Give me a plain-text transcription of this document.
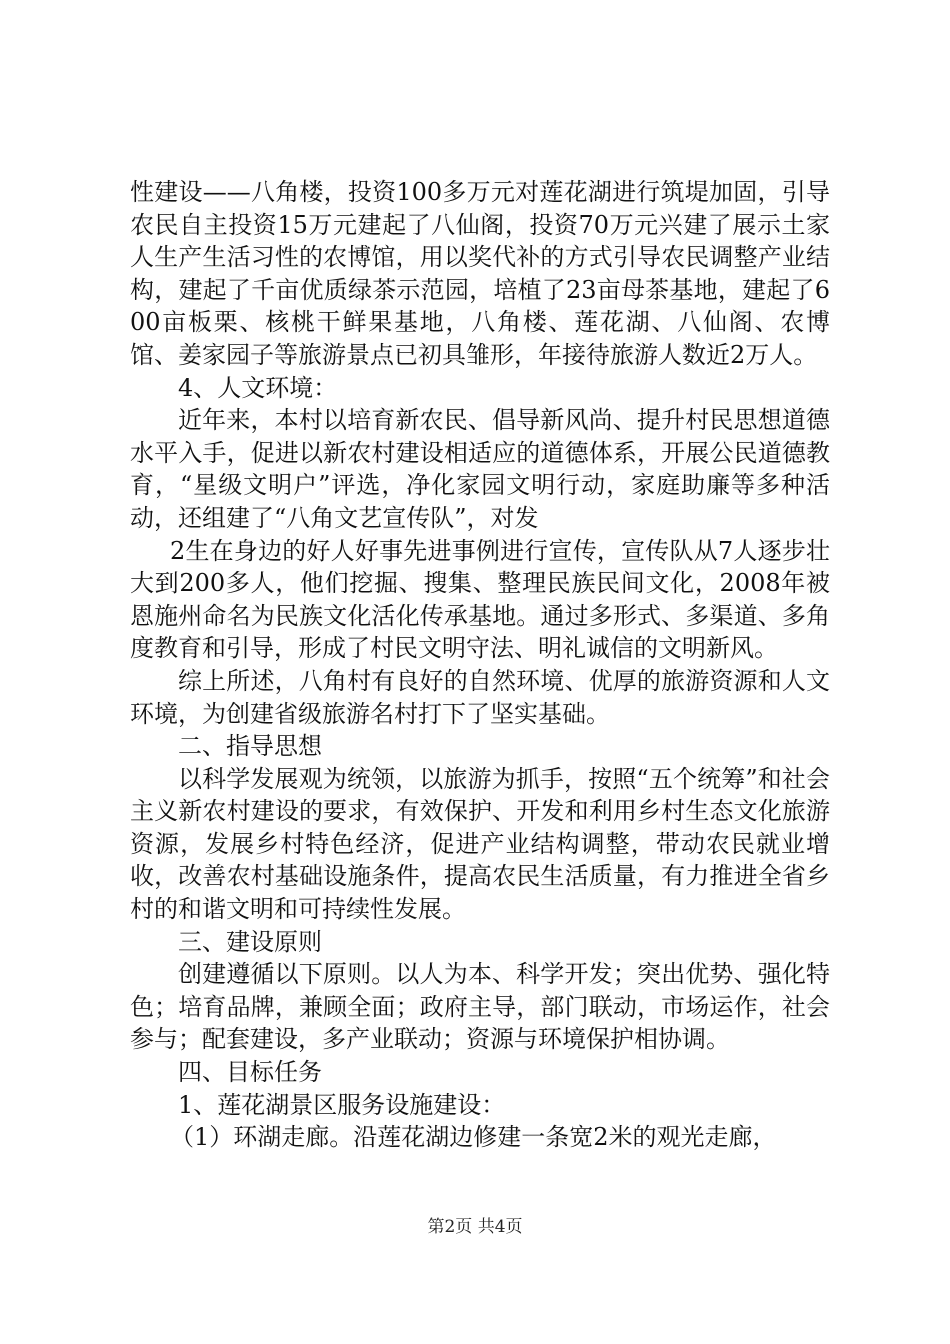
性建设——八角楼，投资100多万元对莲花湖进行筑堤加固，引导农民自主投资15万元建起了八仙阁，投资70万元兴建了展示土家人生产生活习性的农博馆，用以奖代补的方式引导农民调整产业结构，建起了千亩优质绿茶示范园，培植了23亩母茶基地，建起了600亩板栗、核桃干鲜果基地，八角楼、莲花湖、八仙阁、农博馆、姜家园子等旅游景点已初具雏形，年接待旅游人数近2万人。

4、人文环境：

近年来，本村以培育新农民、倡导新风尚、提升村民思想道德水平入手，促进以新农村建设相适应的道德体系，开展公民道德教育，“星级文明户”评选，净化家园文明行动，家庭助廉等多种活动，还组建了“八角文艺宣传队”，对发

2生在身边的好人好事先进事例进行宣传，宣传队从7人逐步壮大到200多人，他们挖掘、搜集、整理民族民间文化，2008年被恩施州命名为民族文化活化传承基地。通过多形式、多渠道、多角度教育和引导，形成了村民文明守法、明礼诚信的文明新风。

综上所述，八角村有良好的自然环境、优厚的旅游资源和人文环境，为创建省级旅游名村打下了坚实基础。

二、指导思想

以科学发展观为统领，以旅游为抓手，按照“五个统筹”和社会主义新农村建设的要求，有效保护、开发和利用乡村生态文化旅游资源，发展乡村特色经济，促进产业结构调整，带动农民就业增收，改善农村基础设施条件，提高农民生活质量，有力推进全省乡村的和谐文明和可持续性发展。

三、建设原则

创建遵循以下原则。以人为本、科学开发；突出优势、强化特色；培育品牌，兼顾全面；政府主导，部门联动，市场运作，社会参与；配套建设，多产业联动；资源与环境保护相协调。

四、目标任务

1、莲花湖景区服务设施建设：

（1）环湖走廊。沿莲花湖边修建一条宽2米的观光走廊，

第2页 共4页
